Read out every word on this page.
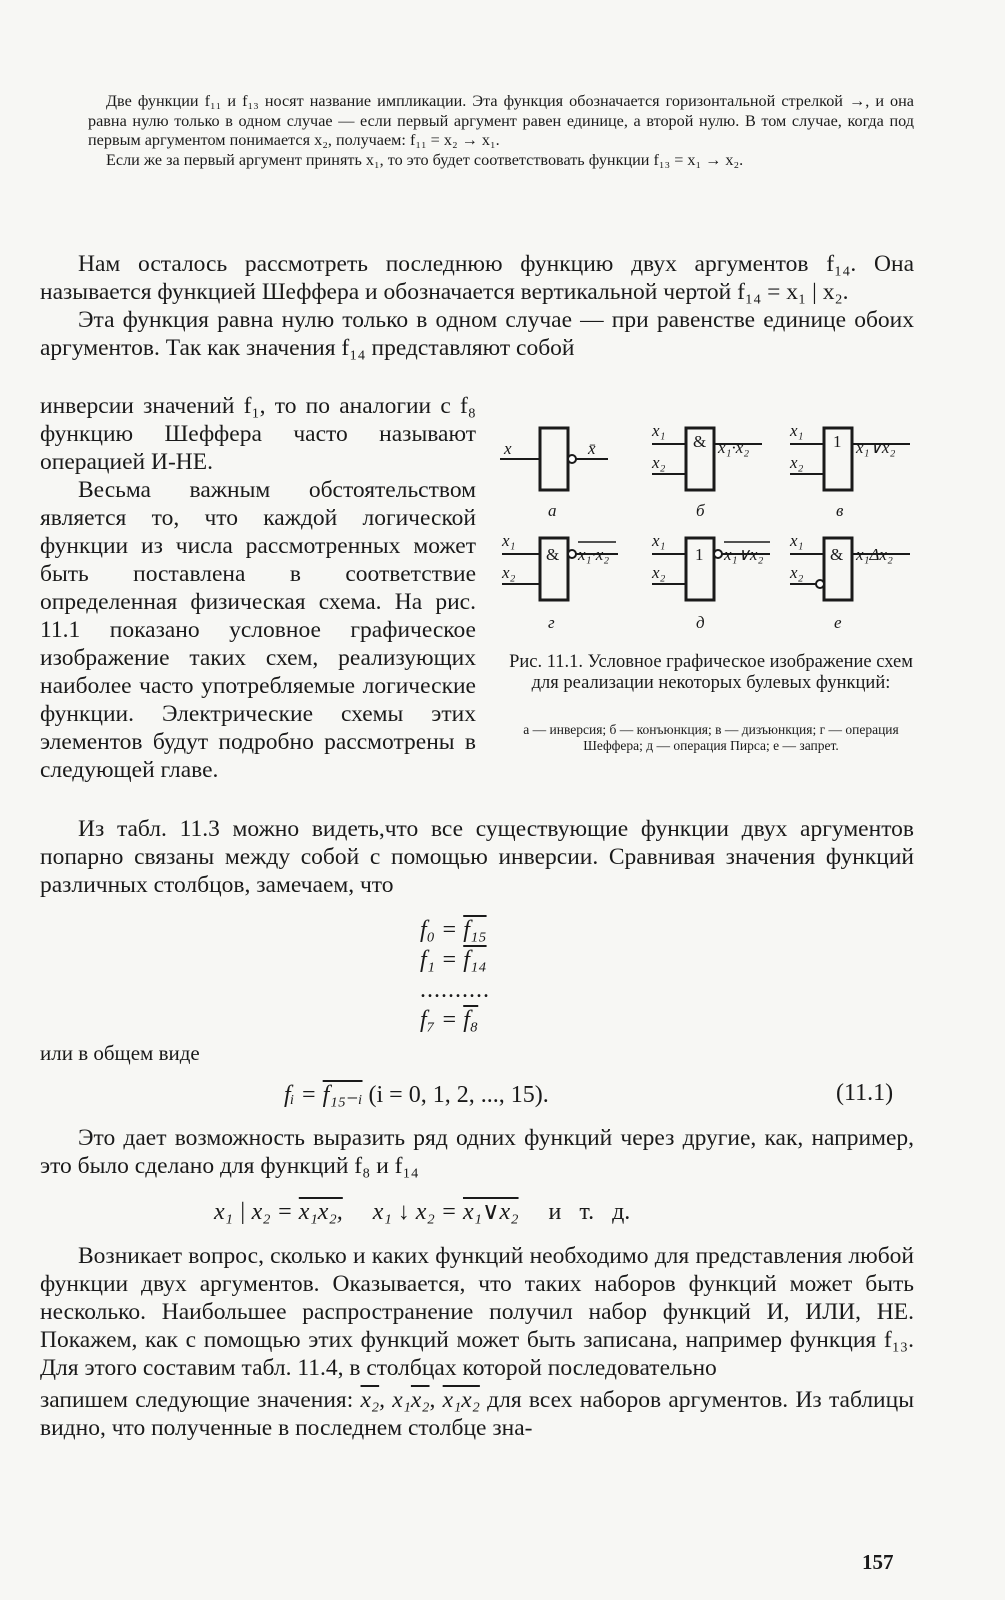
Две функции f₁₁ и f₁₃ носят название импликации. Эта функция обозначается горизонтальной стрелкой →, и она равна нулю только в одном случае — если первый аргумент равен единице, а второй нулю. В том случае, когда под первым аргументом понимается x₂, получаем: f₁₁ = x₂ → x₁.

Если же за первый аргумент принять x₁, то это будет соответствовать функции f₁₃ = x₁ → x₂.

Нам осталось рассмотреть последнюю функцию двух аргументов f₁₄. Она называется функцией Шеффера и обозначается вертикальной чертой f₁₄ = x₁ | x₂.

Эта функция равна нулю только в одном случае — при равенстве единице обоих аргументов. Так как значения f₁₄ представляют собой

инверсии значений f₁, то по аналогии с f₈ функцию Шеффера часто называют операцией И-НЕ.

Весьма важным обстоятельством является то, что каждой логической функции из числа рассмотренных может быть поставлена в соответствие определенная физическая схема. На рис. 11.1 показано условное графическое изображение таких схем, реализующих наиболее часто употребляемые логические функции. Электрические схемы этих элементов будут подробно рассмотрены в следующей главе.

x	x̄
а
&
x₁
x₂
x₁·x₂
б
1
x₁
x₂
x₁∨x₂
в
&
x₁
x₂
x₁·x₂
г
1
x₁
x₂
x₁∨x₂
д
&
x₁
x₂
x₁Δx₂
е
Рис. 11.1. Условное графическое изображение схем для реализации некоторых булевых функций:
а — инверсия; б — конъюнкция; в — дизъюнкция; г — операция Шеффера; д — операция Пирса; е — запрет.

Из табл. 11.3 можно видеть,что все существующие функции двух аргументов попарно связаны между собой с помощью инверсии. Сравнивая значения функций различных столбцов, замечаем, что

f₀ = f₁₅
f₁ = f₁₄
..........
f₇ = f₈
или в общем виде
fᵢ = f₁₅₋ᵢ (i = 0, 1, 2, ..., 15).	(11.1)

Это дает возможность выразить ряд одних функций через другие, как, например, это было сделано для функций f₈ и f₁₄

x₁ | x₂ = x₁x₂,     x₁ ↓ x₂ = x₁∨x₂     и   т.   д.

Возникает вопрос, сколько и каких функций необходимо для представления любой функции двух аргументов. Оказывается, что таких наборов функций может быть несколько. Наибольшее распространение получил набор функций И, ИЛИ, НЕ. Покажем, как с помощью этих функций может быть записана, например функция f₁₃. Для этого составим табл. 11.4, в столбцах которой последовательно

запишем следующие значения: x₂, x₁x₂, x₁x₂ для всех наборов аргументов. Из таблицы видно, что полученные в последнем столбце зна-

157
